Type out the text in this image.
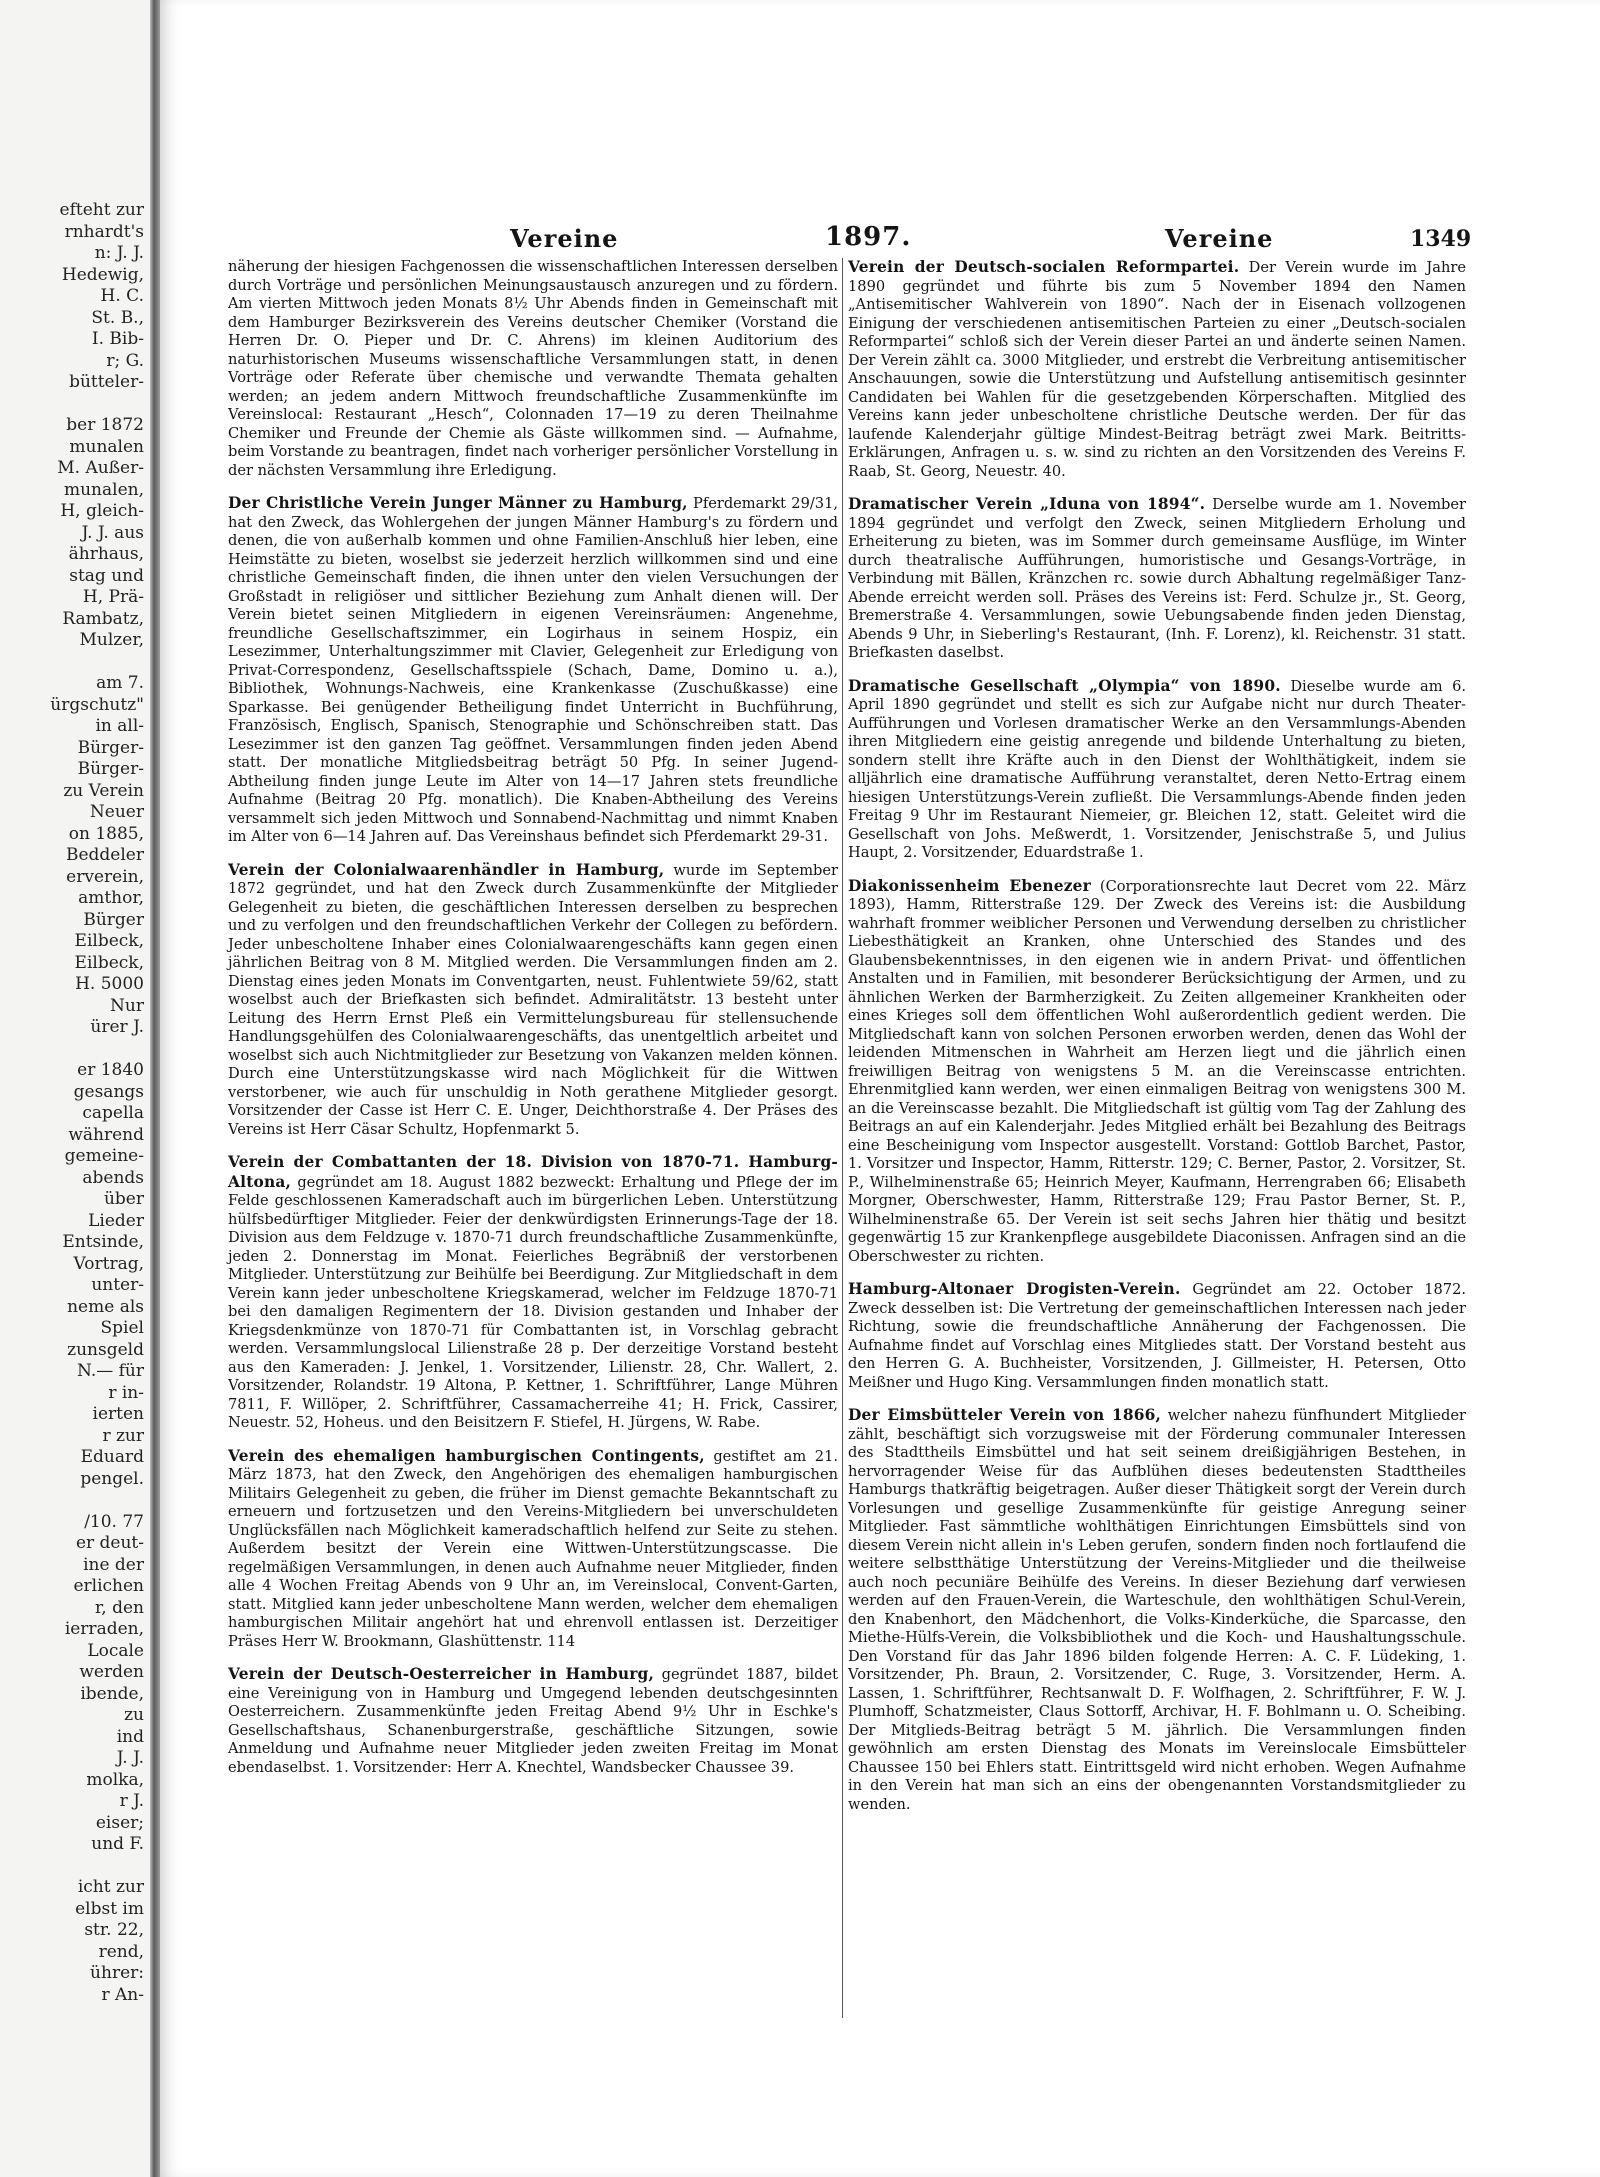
efteht zur
rnhardt's
n: J. J.
Hedewig,
H. C.
St. B.,
I. Bib-
r; G.
bütteler-

ber 1872
munalen
M. Außer-
munalen,
H, gleich-
J. J. aus
ährhaus,
stag und
H, Prä-
Rambatz,
Mulzer,

am 7.
ürgschutz"
in all-
Bürger-
Bürger-
zu Verein
Neuer
on 1885,
Beddeler
erverein,
amthor,
Bürger
Eilbeck,
Eilbeck,
H. 5000
Nur
ürer J.

er 1840
gesangs
capella
während
gemeine-
abends
über
Lieder
Entsinde,
Vortrag,
unter-
neme als
Spiel
zunsgeld
N.— für
r in-
ierten
r zur
Eduard
pengel.

/10. 77
er deut-
ine der
erlichen
r, den
ierraden,
Locale
werden
ibende,
zu
ind
J. J.
molka,
r J.
eiser;
und F.

icht zur
elbst im
str. 22,
rend,
ührer:
r An-
Vereine	1897.	Vereine	1349

näherung der hiesigen Fachgenossen die wissenschaftlichen Interessen derselben durch Vorträge und persönlichen Meinungsaustausch anzuregen und zu fördern. Am vierten Mittwoch jeden Monats 8½ Uhr Abends finden in Gemeinschaft mit dem Hamburger Bezirksverein des Vereins deutscher Chemiker (Vorstand die Herren Dr. O. Pieper und Dr. C. Ahrens) im kleinen Auditorium des naturhistorischen Museums wissenschaftliche Versammlungen statt, in denen Vorträge oder Referate über chemische und verwandte Themata gehalten werden; an jedem andern Mittwoch freundschaftliche Zusammenkünfte im Vereinslocal: Restaurant „Hesch“, Colonnaden 17—19 zu deren Theilnahme Chemiker und Freunde der Chemie als Gäste willkommen sind. — Aufnahme, beim Vorstande zu beantragen, findet nach vorheriger persönlicher Vorstellung in der nächsten Versammlung ihre Erledigung.

Der Christliche Verein Junger Männer zu Hamburg, Pferdemarkt 29/31, hat den Zweck, das Wohlergehen der jungen Männer Hamburg's zu fördern und denen, die von außerhalb kommen und ohne Familien-Anschluß hier leben, eine Heimstätte zu bieten, woselbst sie jederzeit herzlich willkommen sind und eine christliche Gemeinschaft finden, die ihnen unter den vielen Versuchungen der Großstadt in religiöser und sittlicher Beziehung zum Anhalt dienen will. Der Verein bietet seinen Mitgliedern in eigenen Vereinsräumen: Angenehme, freundliche Gesellschaftszimmer, ein Logirhaus in seinem Hospiz, ein Lesezimmer, Unterhaltungszimmer mit Clavier, Gelegenheit zur Erledigung von Privat-Correspondenz, Gesellschaftsspiele (Schach, Dame, Domino u. a.), Bibliothek, Wohnungs-Nachweis, eine Krankenkasse (Zuschußkasse) eine Sparkasse. Bei genügender Betheiligung findet Unterricht in Buchführung, Französisch, Englisch, Spanisch, Stenographie und Schönschreiben statt. Das Lesezimmer ist den ganzen Tag geöffnet. Versammlungen finden jeden Abend statt. Der monatliche Mitgliedsbeitrag beträgt 50 Pfg. In seiner Jugend-Abtheilung finden junge Leute im Alter von 14—17 Jahren stets freundliche Aufnahme (Beitrag 20 Pfg. monatlich). Die Knaben-Abtheilung des Vereins versammelt sich jeden Mittwoch und Sonnabend-Nachmittag und nimmt Knaben im Alter von 6—14 Jahren auf. Das Vereinshaus befindet sich Pferdemarkt 29-31.

Verein der Colonialwaarenhändler in Hamburg, wurde im September 1872 gegründet, und hat den Zweck durch Zusammenkünfte der Mitglieder Gelegenheit zu bieten, die geschäftlichen Interessen derselben zu besprechen und zu verfolgen und den freundschaftlichen Verkehr der Collegen zu befördern. Jeder unbescholtene Inhaber eines Colonialwaarengeschäfts kann gegen einen jährlichen Beitrag von 8 M. Mitglied werden. Die Versammlungen finden am 2. Dienstag eines jeden Monats im Conventgarten, neust. Fuhlentwiete 59/62, statt woselbst auch der Briefkasten sich befindet. Admiralitätstr. 13 besteht unter Leitung des Herrn Ernst Pleß ein Vermittelungsbureau für stellensuchende Handlungsgehülfen des Colonialwaarengeschäfts, das unentgeltlich arbeitet und woselbst sich auch Nichtmitglieder zur Besetzung von Vakanzen melden können. Durch eine Unterstützungskasse wird nach Möglichkeit für die Wittwen verstorbener, wie auch für unschuldig in Noth gerathene Mitglieder gesorgt. Vorsitzender der Casse ist Herr C. E. Unger, Deichthorstraße 4. Der Präses des Vereins ist Herr Cäsar Schultz, Hopfenmarkt 5.

Verein der Combattanten der 18. Division von 1870-71. Hamburg-Altona, gegründet am 18. August 1882 bezweckt: Erhaltung und Pflege der im Felde geschlossenen Kameradschaft auch im bürgerlichen Leben. Unterstützung hülfsbedürftiger Mitglieder. Feier der denkwürdigsten Erinnerungs-Tage der 18. Division aus dem Feldzuge v. 1870-71 durch freundschaftliche Zusammenkünfte, jeden 2. Donnerstag im Monat. Feierliches Begräbniß der verstorbenen Mitglieder. Unterstützung zur Beihülfe bei Beerdigung. Zur Mitgliedschaft in dem Verein kann jeder unbescholtene Kriegskamerad, welcher im Feldzuge 1870-71 bei den damaligen Regimentern der 18. Division gestanden und Inhaber der Kriegsdenkmünze von 1870-71 für Combattanten ist, in Vorschlag gebracht werden. Versammlungslocal Lilienstraße 28 p. Der derzeitige Vorstand besteht aus den Kameraden: J. Jenkel, 1. Vorsitzender, Lilienstr. 28, Chr. Wallert, 2. Vorsitzender, Rolandstr. 19 Altona, P. Kettner, 1. Schriftführer, Lange Mühren 7811, F. Willöper, 2. Schriftführer, Cassamacherreihe 41; H. Frick, Cassirer, Neuestr. 52, Hoheus. und den Beisitzern F. Stiefel, H. Jürgens, W. Rabe.

Verein des ehemaligen hamburgischen Contingents, gestiftet am 21. März 1873, hat den Zweck, den Angehörigen des ehemaligen hamburgischen Militairs Gelegenheit zu geben, die früher im Dienst gemachte Bekanntschaft zu erneuern und fortzusetzen und den Vereins-Mitgliedern bei unverschuldeten Unglücksfällen nach Möglichkeit kameradschaftlich helfend zur Seite zu stehen. Außerdem besitzt der Verein eine Wittwen-Unterstützungscasse. Die regelmäßigen Versammlungen, in denen auch Aufnahme neuer Mitglieder, finden alle 4 Wochen Freitag Abends von 9 Uhr an, im Vereinslocal, Convent-Garten, statt. Mitglied kann jeder unbescholtene Mann werden, welcher dem ehemaligen hamburgischen Militair angehört hat und ehrenvoll entlassen ist. Derzeitiger Präses Herr W. Brookmann, Glashüttenstr. 114

Verein der Deutsch-Oesterreicher in Hamburg, gegründet 1887, bildet eine Vereinigung von in Hamburg und Umgegend lebenden deutschgesinnten Oesterreichern. Zusammenkünfte jeden Freitag Abend 9½ Uhr in Eschke's Gesellschaftshaus, Schanenburgerstraße, geschäftliche Sitzungen, sowie Anmeldung und Aufnahme neuer Mitglieder jeden zweiten Freitag im Monat ebendaselbst. 1. Vorsitzender: Herr A. Knechtel, Wandsbecker Chaussee 39.

Verein der Deutsch-socialen Reformpartei. Der Verein wurde im Jahre 1890 gegründet und führte bis zum 5 November 1894 den Namen „Antisemitischer Wahlverein von 1890“. Nach der in Eisenach vollzogenen Einigung der verschiedenen antisemitischen Parteien zu einer „Deutsch-socialen Reformpartei“ schloß sich der Verein dieser Partei an und änderte seinen Namen. Der Verein zählt ca. 3000 Mitglieder, und erstrebt die Verbreitung antisemitischer Anschauungen, sowie die Unterstützung und Aufstellung antisemitisch gesinnter Candidaten bei Wahlen für die gesetzgebenden Körperschaften. Mitglied des Vereins kann jeder unbescholtene christliche Deutsche werden. Der für das laufende Kalenderjahr gültige Mindest-Beitrag beträgt zwei Mark. Beitritts-Erklärungen, Anfragen u. s. w. sind zu richten an den Vorsitzenden des Vereins F. Raab, St. Georg, Neuestr. 40.

Dramatischer Verein „Iduna von 1894“. Derselbe wurde am 1. November 1894 gegründet und verfolgt den Zweck, seinen Mitgliedern Erholung und Erheiterung zu bieten, was im Sommer durch gemeinsame Ausflüge, im Winter durch theatralische Aufführungen, humoristische und Gesangs-Vorträge, in Verbindung mit Bällen, Kränzchen rc. sowie durch Abhaltung regelmäßiger Tanz-Abende erreicht werden soll. Präses des Vereins ist: Ferd. Schulze jr., St. Georg, Bremerstraße 4. Versammlungen, sowie Uebungsabende finden jeden Dienstag, Abends 9 Uhr, in Sieberling's Restaurant, (Inh. F. Lorenz), kl. Reichenstr. 31 statt. Briefkasten daselbst.

Dramatische Gesellschaft „Olympia“ von 1890. Dieselbe wurde am 6. April 1890 gegründet und stellt es sich zur Aufgabe nicht nur durch Theater-Aufführungen und Vorlesen dramatischer Werke an den Versammlungs-Abenden ihren Mitgliedern eine geistig anregende und bildende Unterhaltung zu bieten, sondern stellt ihre Kräfte auch in den Dienst der Wohlthätigkeit, indem sie alljährlich eine dramatische Aufführung veranstaltet, deren Netto-Ertrag einem hiesigen Unterstützungs-Verein zufließt. Die Versammlungs-Abende finden jeden Freitag 9 Uhr im Restaurant Niemeier, gr. Bleichen 12, statt. Geleitet wird die Gesellschaft von Johs. Meßwerdt, 1. Vorsitzender, Jenischstraße 5, und Julius Haupt, 2. Vorsitzender, Eduardstraße 1.

Diakonissenheim Ebenezer (Corporationsrechte laut Decret vom 22. März 1893), Hamm, Ritterstraße 129. Der Zweck des Vereins ist: die Ausbildung wahrhaft frommer weiblicher Personen und Verwendung derselben zu christlicher Liebesthätigkeit an Kranken, ohne Unterschied des Standes und des Glaubensbekenntnisses, in den eigenen wie in andern Privat- und öffentlichen Anstalten und in Familien, mit besonderer Berücksichtigung der Armen, und zu ähnlichen Werken der Barmherzigkeit. Zu Zeiten allgemeiner Krankheiten oder eines Krieges soll dem öffentlichen Wohl außerordentlich gedient werden. Die Mitgliedschaft kann von solchen Personen erworben werden, denen das Wohl der leidenden Mitmenschen in Wahrheit am Herzen liegt und die jährlich einen freiwilligen Beitrag von wenigstens 5 M. an die Vereinscasse entrichten. Ehrenmitglied kann werden, wer einen einmaligen Beitrag von wenigstens 300 M. an die Vereinscasse bezahlt. Die Mitgliedschaft ist gültig vom Tag der Zahlung des Beitrags an auf ein Kalenderjahr. Jedes Mitglied erhält bei Bezahlung des Beitrags eine Bescheinigung vom Inspector ausgestellt. Vorstand: Gottlob Barchet, Pastor, 1. Vorsitzer und Inspector, Hamm, Ritterstr. 129; C. Berner, Pastor, 2. Vorsitzer, St. P., Wilhelminenstraße 65; Heinrich Meyer, Kaufmann, Herrengraben 66; Elisabeth Morgner, Oberschwester, Hamm, Ritterstraße 129; Frau Pastor Berner, St. P., Wilhelminenstraße 65. Der Verein ist seit sechs Jahren hier thätig und besitzt gegenwärtig 15 zur Krankenpflege ausgebildete Diaconissen. Anfragen sind an die Oberschwester zu richten.

Hamburg-Altonaer Drogisten-Verein. Gegründet am 22. October 1872. Zweck desselben ist: Die Vertretung der gemeinschaftlichen Interessen nach jeder Richtung, sowie die freundschaftliche Annäherung der Fachgenossen. Die Aufnahme findet auf Vorschlag eines Mitgliedes statt. Der Vorstand besteht aus den Herren G. A. Buchheister, Vorsitzenden, J. Gillmeister, H. Petersen, Otto Meißner und Hugo King. Versammlungen finden monatlich statt.

Der Eimsbütteler Verein von 1866, welcher nahezu fünfhundert Mitglieder zählt, beschäftigt sich vorzugsweise mit der Förderung communaler Interessen des Stadttheils Eimsbüttel und hat seit seinem dreißigjährigen Bestehen, in hervorragender Weise für das Aufblühen dieses bedeutensten Stadttheiles Hamburgs thatkräftig beigetragen. Außer dieser Thätigkeit sorgt der Verein durch Vorlesungen und gesellige Zusammenkünfte für geistige Anregung seiner Mitglieder. Fast sämmtliche wohlthätigen Einrichtungen Eimsbüttels sind von diesem Verein nicht allein in's Leben gerufen, sondern finden noch fortlaufend die weitere selbstthätige Unterstützung der Vereins-Mitglieder und die theilweise auch noch pecuniäre Beihülfe des Vereins. In dieser Beziehung darf verwiesen werden auf den Frauen-Verein, die Warteschule, den wohlthätigen Schul-Verein, den Knabenhort, den Mädchenhort, die Volks-Kinderküche, die Sparcasse, den Miethe-Hülfs-Verein, die Volksbibliothek und die Koch- und Haushaltungsschule. Den Vorstand für das Jahr 1896 bilden folgende Herren: A. C. F. Lüdeking, 1. Vorsitzender, Ph. Braun, 2. Vorsitzender, C. Ruge, 3. Vorsitzender, Herm. A. Lassen, 1. Schriftführer, Rechtsanwalt D. F. Wolfhagen, 2. Schriftführer, F. W. J. Plumhoff, Schatzmeister, Claus Sottorff, Archivar, H. F. Bohlmann u. O. Scheibing. Der Mitglieds-Beitrag beträgt 5 M. jährlich. Die Versammlungen finden gewöhnlich am ersten Dienstag des Monats im Vereinslocale Eimsbütteler Chaussee 150 bei Ehlers statt. Eintrittsgeld wird nicht erhoben. Wegen Aufnahme in den Verein hat man sich an eins der obengenannten Vorstandsmitglieder zu wenden.
